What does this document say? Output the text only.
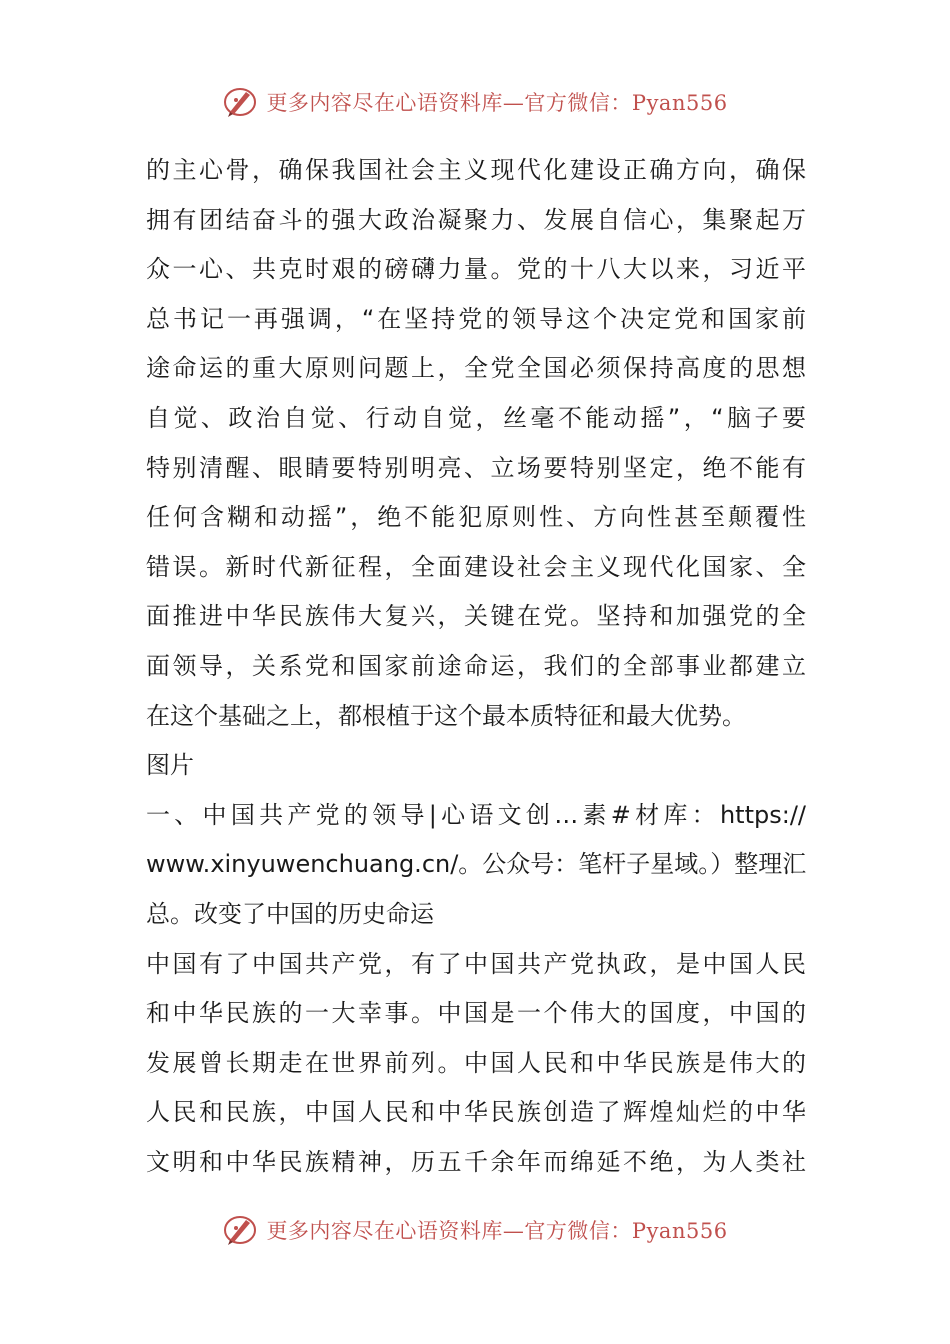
更多内容尽在心语资料库—官方微信：Pyan556
的主心骨，确保我国社会主义现代化建设正确方向，确保
拥有团结奋斗的强大政治凝聚力、发展自信心，集聚起万
众一心、共克时艰的磅礴力量。党的十八大以来，习近平
总书记一再强调，“在坚持党的领导这个决定党和国家前
途命运的重大原则问题上，全党全国必须保持高度的思想
自觉、政治自觉、行动自觉，丝毫不能动摇”，“脑子要
特别清醒、眼睛要特别明亮、立场要特别坚定，绝不能有
任何含糊和动摇”，绝不能犯原则性、方向性甚至颠覆性
错误。新时代新征程，全面建设社会主义现代化国家、全
面推进中华民族伟大复兴，关键在党。坚持和加强党的全
面领导，关系党和国家前途命运，我们的全部事业都建立
在这个基础之上，都根植于这个最本质特征和最大优势。
图片
一、中国共产党的领导|心语文创…素#材库：https://
www.xinyuwenchuang.cn/。公众号：笔杆子星域。）整理汇
总。改变了中国的历史命运
中国有了中国共产党，有了中国共产党执政，是中国人民
和中华民族的一大幸事。中国是一个伟大的国度，中国的
发展曾长期走在世界前列。中国人民和中华民族是伟大的
人民和民族，中国人民和中华民族创造了辉煌灿烂的中华
文明和中华民族精神，历五千余年而绵延不绝，为人类社
更多内容尽在心语资料库—官方微信：Pyan556
